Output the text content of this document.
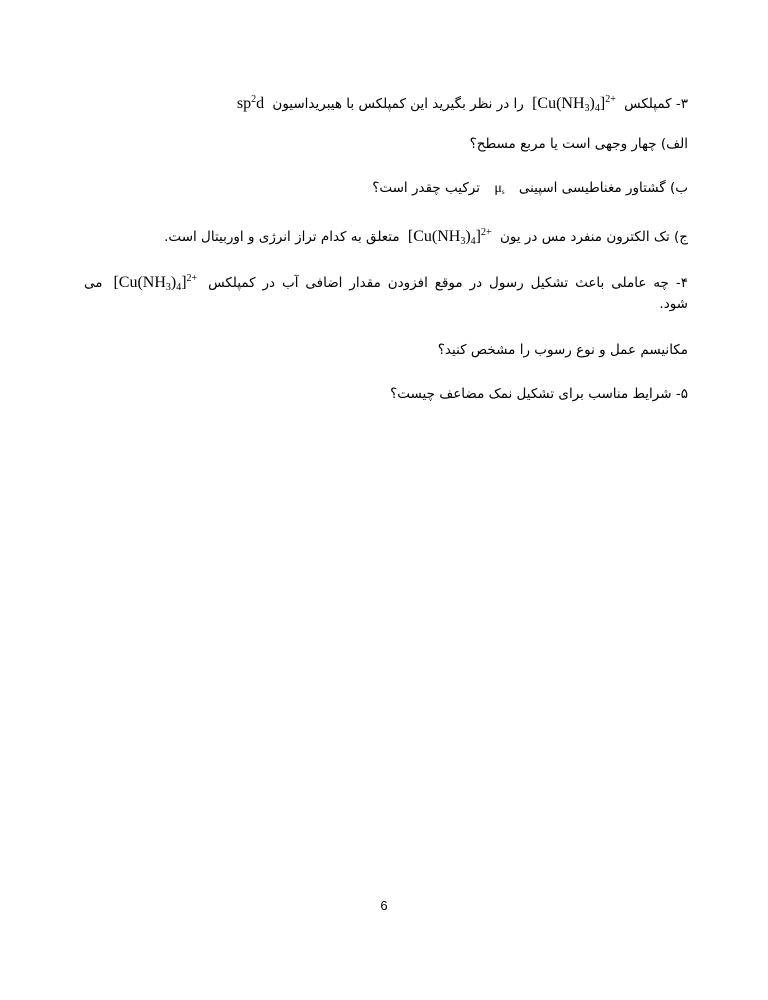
۳- کمپلکس $[Cu(NH_3)_4]^{2+}$ را در نظر بگیرید این کمپلکس با هیبریداسیون $sp^2d$
الف) چهار وجهی است یا مربع مسطح؟
ب) گشتاور مغناطیسی اسپینی $\mu_s$ ترکیب چقدر است؟
ج) تک الکترون منفرد مس در یون $[Cu(NH_3)_4]^{2+}$ متعلق به کدام تراز انرژی و اوربیتال است.
۴- چه عاملی باعث تشکیل رسول در موقع افزودن مقدار اضافی آب در کمپلکس $[Cu(NH_3)_4]^{2+}$ می
شود.
مکانیسم عمل و نوع رسوب را مشخص کنید؟
۵- شرایط مناسب برای تشکیل نمک مضاعف چیست؟
6
